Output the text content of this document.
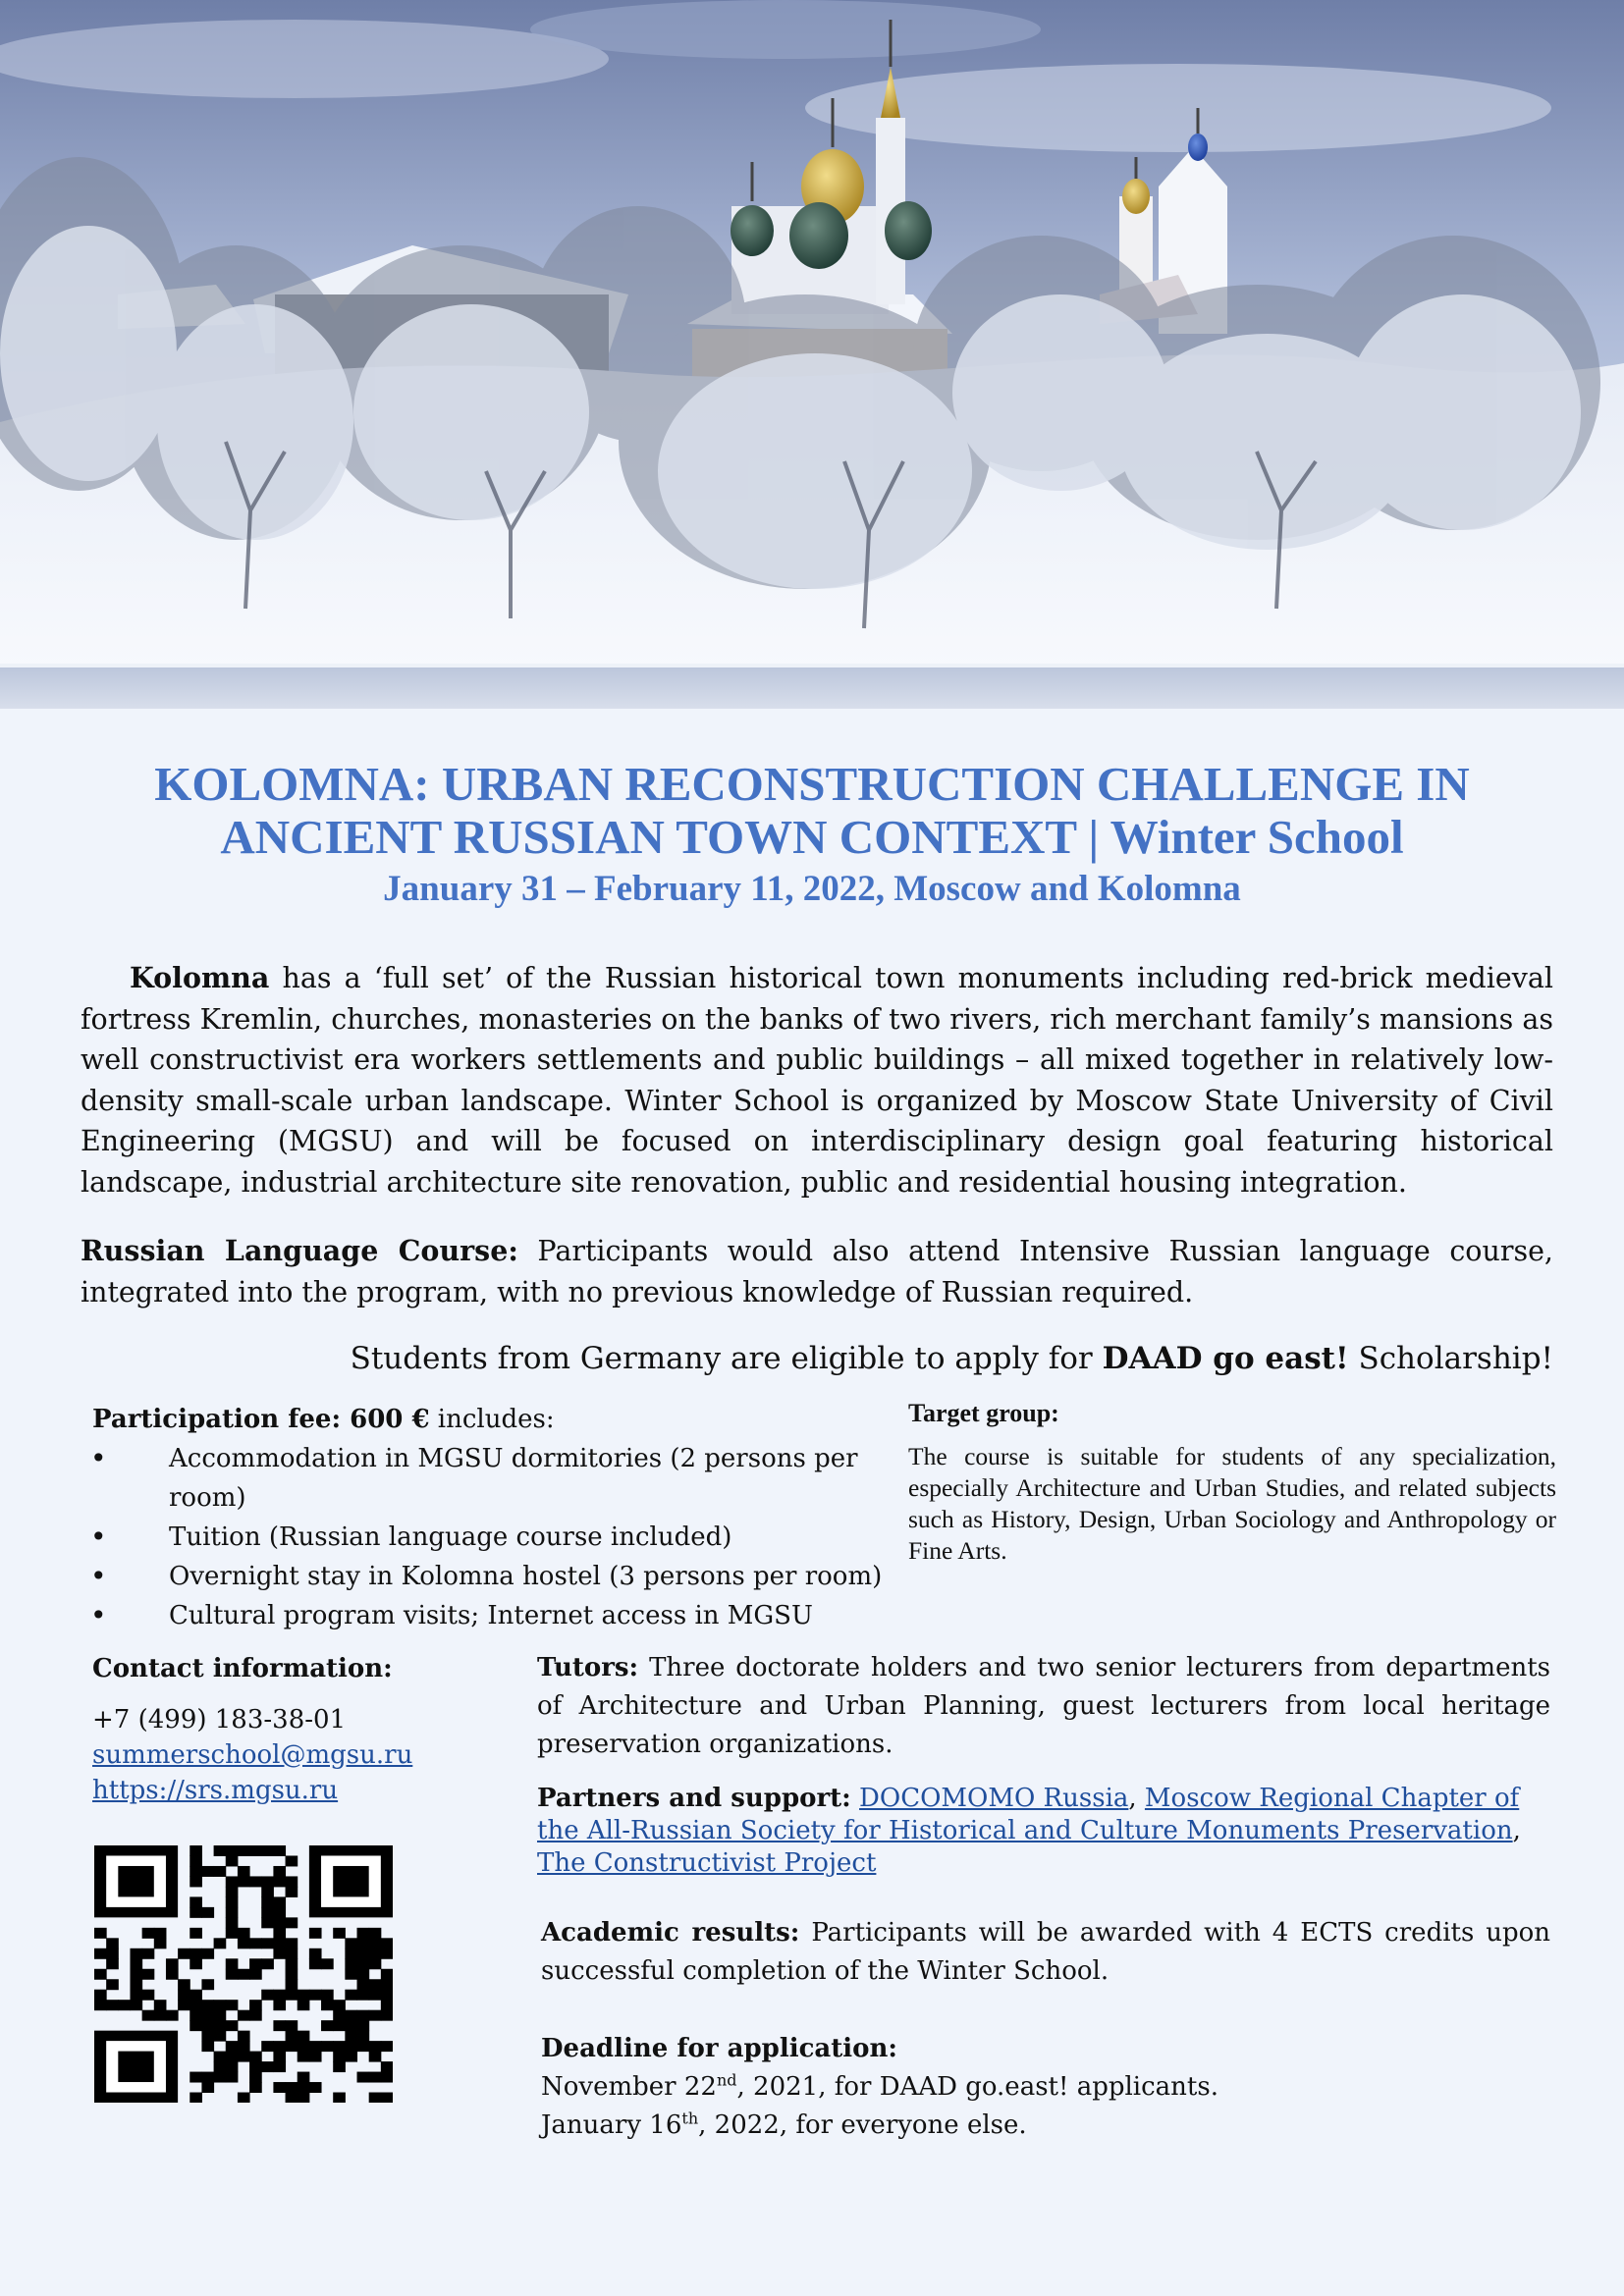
KOLOMNA: URBAN RECONSTRUCTION CHALLENGE IN
ANCIENT RUSSIAN TOWN CONTEXT | Winter School
January 31 – February 11, 2022, Moscow and Kolomna

Kolomna has a ‘full set’ of the Russian historical town monuments including red-brick medieval fortress Kremlin, churches, monasteries on the banks of two rivers, rich merchant family’s mansions as well constructivist era workers settlements and public buildings – all mixed together in relatively low-density small-scale urban landscape. Winter School is organized by Moscow State University of Civil Engineering (MGSU) and will be focused on interdisciplinary design goal featuring historical landscape, industrial architecture site renovation, public and residential housing integration.

Russian Language Course: Participants would also attend Intensive Russian language course, integrated into the program, with no previous knowledge of Russian required.

Students from Germany are eligible to apply for DAAD go east! Scholarship!

Participation fee: 600 € includes:
• Accommodation in MGSU dormitories (2 persons per room)
• Tuition (Russian language course included)
• Overnight stay in Kolomna hostel (3 persons per room)
• Cultural program visits; Internet access in MGSU
Target group:

The course is suitable for students of any specialization, especially Architecture and Urban Studies, and related subjects such as History, Design, Urban Sociology and Anthropology or Fine Arts.

Contact information:
+7 (499) 183-38-01
summerschool@mgsu.ru
https://srs.mgsu.ru

Tutors: Three doctorate holders and two senior lecturers from departments of Architecture and Urban Planning, guest lecturers from local heritage preservation organizations.

Partners and support: DOCOMOMO Russia, Moscow Regional Chapter of the All-Russian Society for Historical and Culture Monuments Preservation, The Constructivist Project

Academic results: Participants will be awarded with 4 ECTS credits upon successful completion of the Winter School.

Deadline for application:

November 22nd, 2021, for DAAD go.east! applicants.

January 16th, 2022, for everyone else.
